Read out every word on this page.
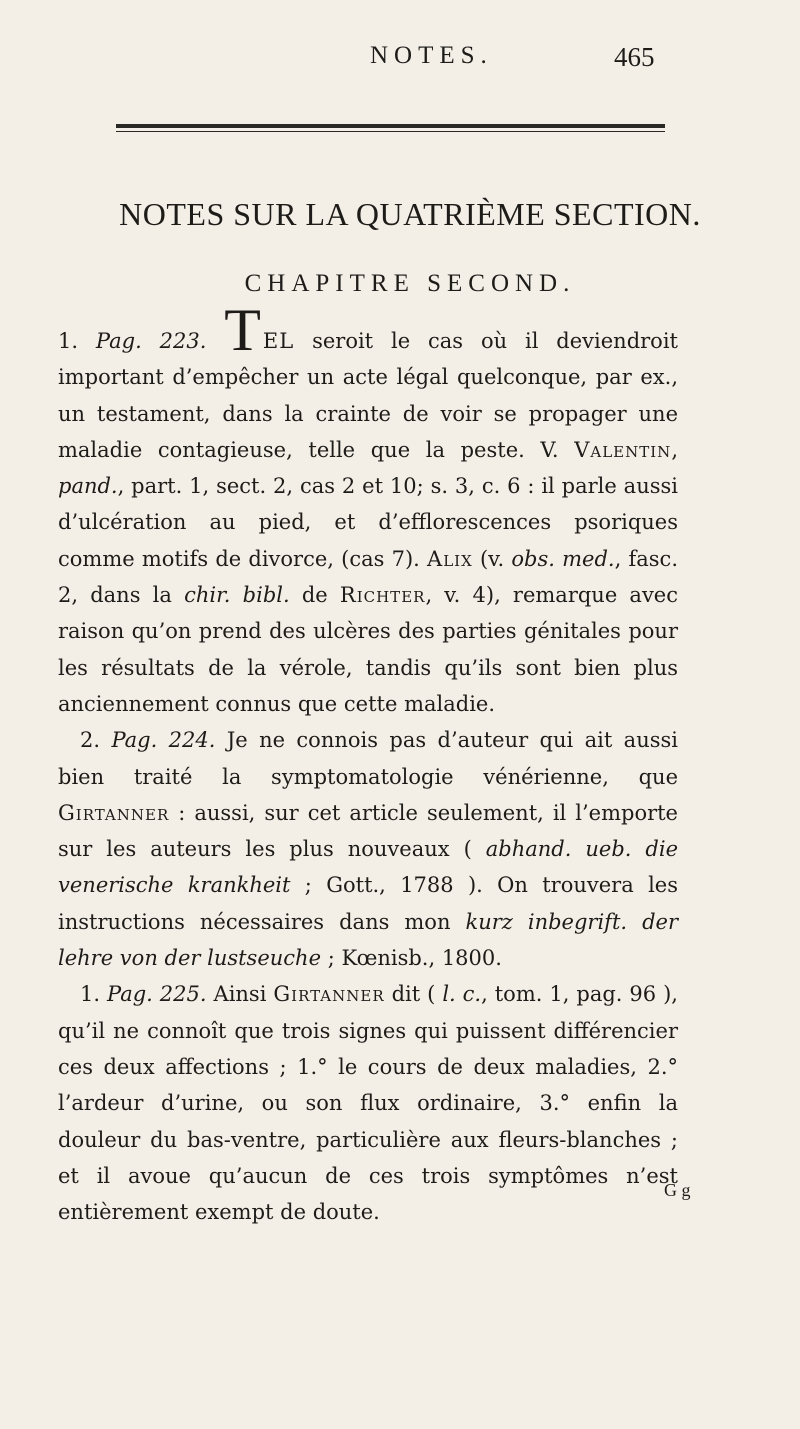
NOTES.	465
NOTES SUR LA QUATRIÈME SECTION.
CHAPITRE SECOND.

1. Pag. 223. TEL seroit le cas où il deviendroit important d’empêcher un acte légal quelconque, par ex., un testament, dans la crainte de voir se propager une maladie contagieuse, telle que la peste. V. Valentin, pand., part. 1, sect. 2, cas 2 et 10; s. 3, c. 6 : il parle aussi d’ulcération au pied, et d’efflorescences psoriques comme motifs de divorce, (cas 7). Alix (v. obs. med., fasc. 2, dans la chir. bibl. de Richter, v. 4), remarque avec raison qu’on prend des ulcères des parties génitales pour les résultats de la vérole, tandis qu’ils sont bien plus anciennement connus que cette maladie.

2. Pag. 224. Je ne connois pas d’auteur qui ait aussi bien traité la symptomatologie vénérienne, que Girtanner : aussi, sur cet article seulement, il l’emporte sur les auteurs les plus nouveaux ( abhand. ueb. die venerische krankheit ; Gott., 1788 ). On trouvera les instructions nécessaires dans mon kurz inbegrift. der lehre von der lustseuche ; Kœnisb., 1800.

1. Pag. 225. Ainsi Girtanner dit ( l. c., tom. 1, pag. 96 ), qu’il ne connoît que trois signes qui puissent différencier ces deux affections ; 1.° le cours de deux maladies, 2.° l’ardeur d’urine, ou son flux ordinaire, 3.° enfin la douleur du bas-ventre, particulière aux fleurs-blanches ; et il avoue qu’aucun de ces trois symptômes n’est entièrement exempt de doute.

G g
